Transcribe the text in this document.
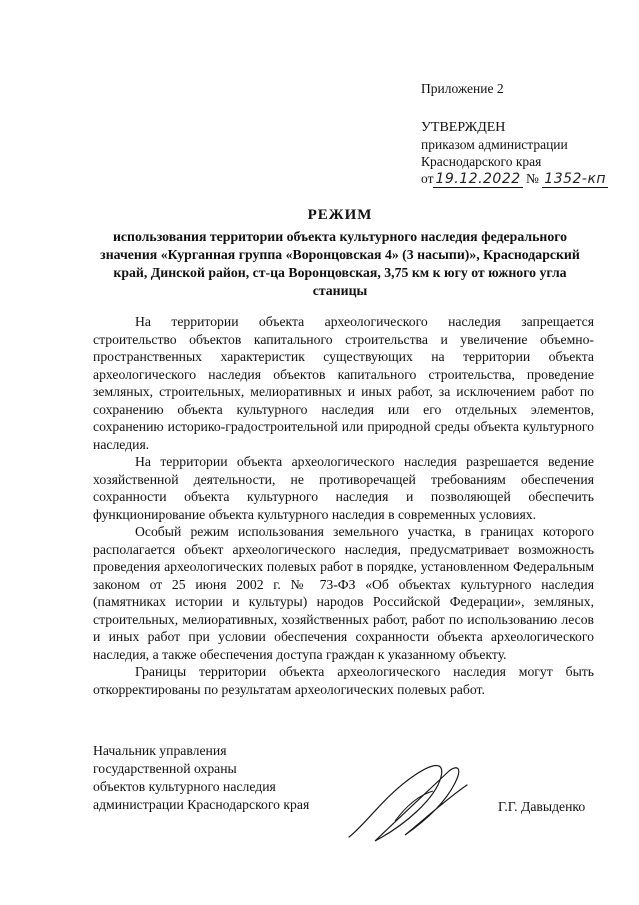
Приложение 2
УТВЕРЖДЕН
приказом администрации
Краснодарского края
от 19.12.2022 № 1352-кп
РЕЖИМ
использования территории объекта культурного наследия федерального значения «Курганная группа «Воронцовская 4» (3 насыпи)», Краснодарский край, Динской район, ст-ца Воронцовская, 3,75 км к югу от южного угла станицы

На территории объекта археологического наследия запрещается строительство объектов капитального строительства и увеличение объемно-пространственных характеристик существующих на территории объекта археологического наследия объектов капитального строительства, проведение земляных, строительных, мелиоративных и иных работ, за исключением работ по сохранению объекта культурного наследия или его отдельных элементов, сохранению историко-градостроительной или природной среды объекта культурного наследия.

На территории объекта археологического наследия разрешается ведение хозяйственной деятельности, не противоречащей требованиям обеспечения сохранности объекта культурного наследия и позволяющей обеспечить функционирование объекта культурного наследия в современных условиях.

Особый режим использования земельного участка, в границах которого располагается объект археологического наследия, предусматривает возможность проведения археологических полевых работ в порядке, установленном Федеральным законом от 25 июня 2002 г. № 73-ФЗ «Об объектах культурного наследия (памятниках истории и культуры) народов Российской Федерации», земляных, строительных, мелиоративных, хозяйственных работ, работ по использованию лесов и иных работ при условии обеспечения сохранности объекта археологического наследия, а также обеспечения доступа граждан к указанному объекту.

Границы территории объекта археологического наследия могут быть откорректированы по результатам археологических полевых работ.

Начальник управления
государственной охраны
объектов культурного наследия
администрации Краснодарского края	Г.Г. Давыденко
